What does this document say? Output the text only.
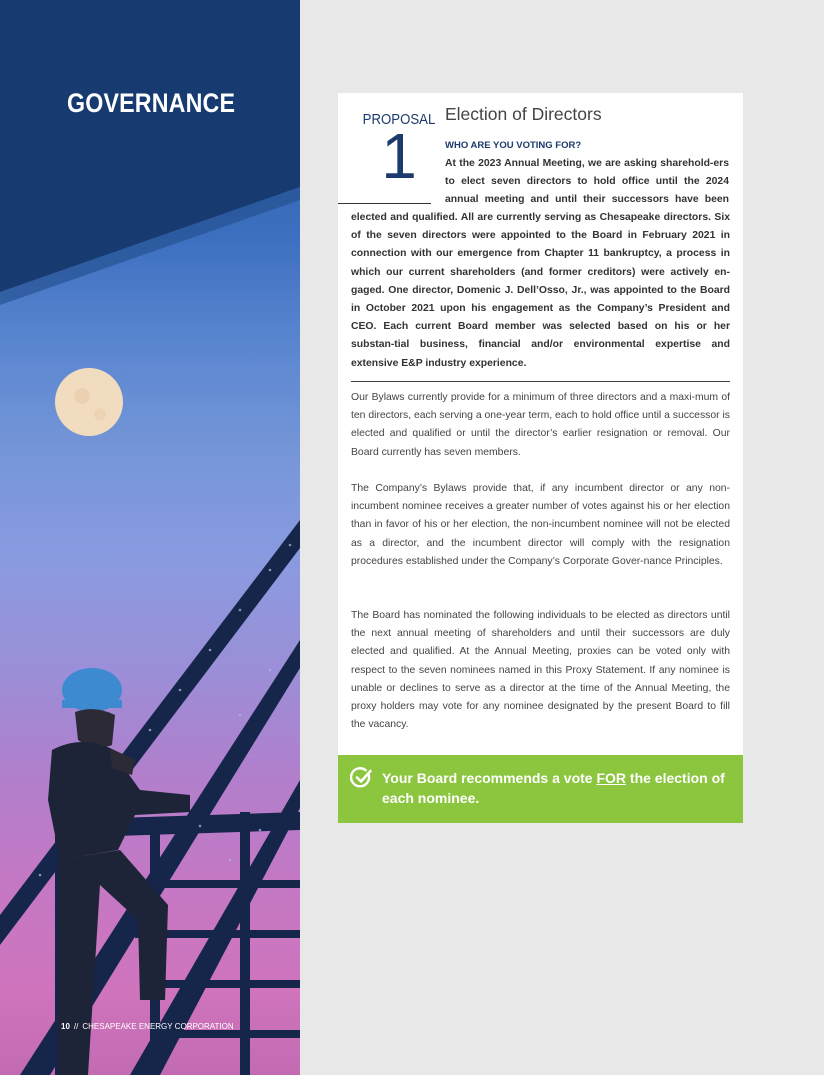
GOVERNANCE
10 // CHESAPEAKE ENERGY CORPORATION
PROPOSAL
1
Election of Directors
WHO ARE YOU VOTING FOR?

At the 2023 Annual Meeting, we are asking sharehold-ers to elect seven directors to hold office until the 2024 annual meeting and until their successors have been

elected and qualified. All are currently serving as Chesapeake directors. Six of the seven directors were appointed to the Board in February 2021 in connection with our emergence from Chapter 11 bankruptcy, a process in which our current shareholders (and former creditors) were actively en-gaged. One director, Domenic J. Dell’Osso, Jr., was appointed to the Board in October 2021 upon his engagement as the Company’s President and CEO. Each current Board member was selected based on his or her substan-tial business, financial and/or environmental expertise and extensive E&P industry experience.

Our Bylaws currently provide for a minimum of three directors and a maxi-mum of ten directors, each serving a one-year term, each to hold office until a successor is elected and qualified or until the director’s earlier resignation or removal. Our Board currently has seven members.

The Company’s Bylaws provide that, if any incumbent director or any non-incumbent nominee receives a greater number of votes against his or her election than in favor of his or her election, the non-incumbent nominee will not be elected as a director, and the incumbent director will comply with the resignation procedures established under the Company’s Corporate Gover-nance Principles.

The Board has nominated the following individuals to be elected as directors until the next annual meeting of shareholders and until their successors are duly elected and qualified. At the Annual Meeting, proxies can be voted only with respect to the seven nominees named in this Proxy Statement. If any nominee is unable or declines to serve as a director at the time of the Annual Meeting, the proxy holders may vote for any nominee designated by the present Board to fill the vacancy.

Your Board recommends a vote FOR the election of each nominee.
